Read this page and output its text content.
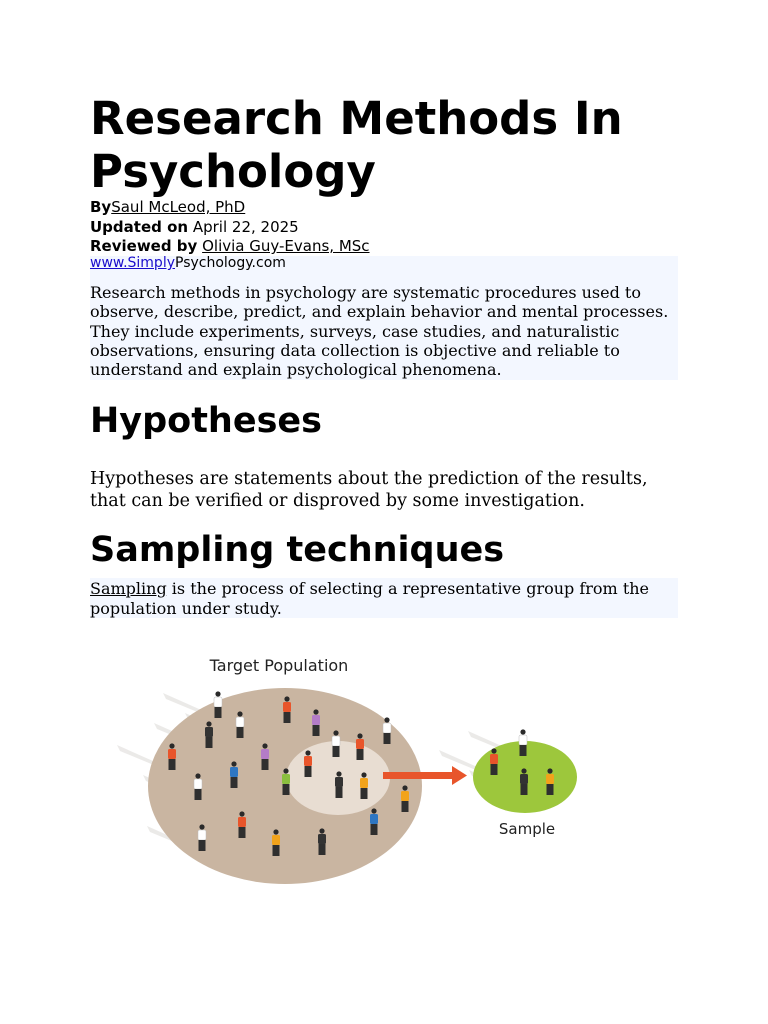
Research Methods In Psychology
BySaul McLeod, PhD
Updated on April 22, 2025
Reviewed by Olivia Guy-Evans, MSc

Research methods in psychology are systematic procedures used to observe, describe, predict, and explain behavior and mental processes. They include experiments, surveys, case studies, and naturalistic observations, ensuring data collection is objective and reliable to understand and explain psychological phenomena.

www.SimplyPsychology.com
Hypotheses

Hypotheses are statements about the prediction of the results, that can be verified or disproved by some investigation.

Sampling techniques

Sampling is the process of selecting a representative group from the population under study.

Target Population
Sample
